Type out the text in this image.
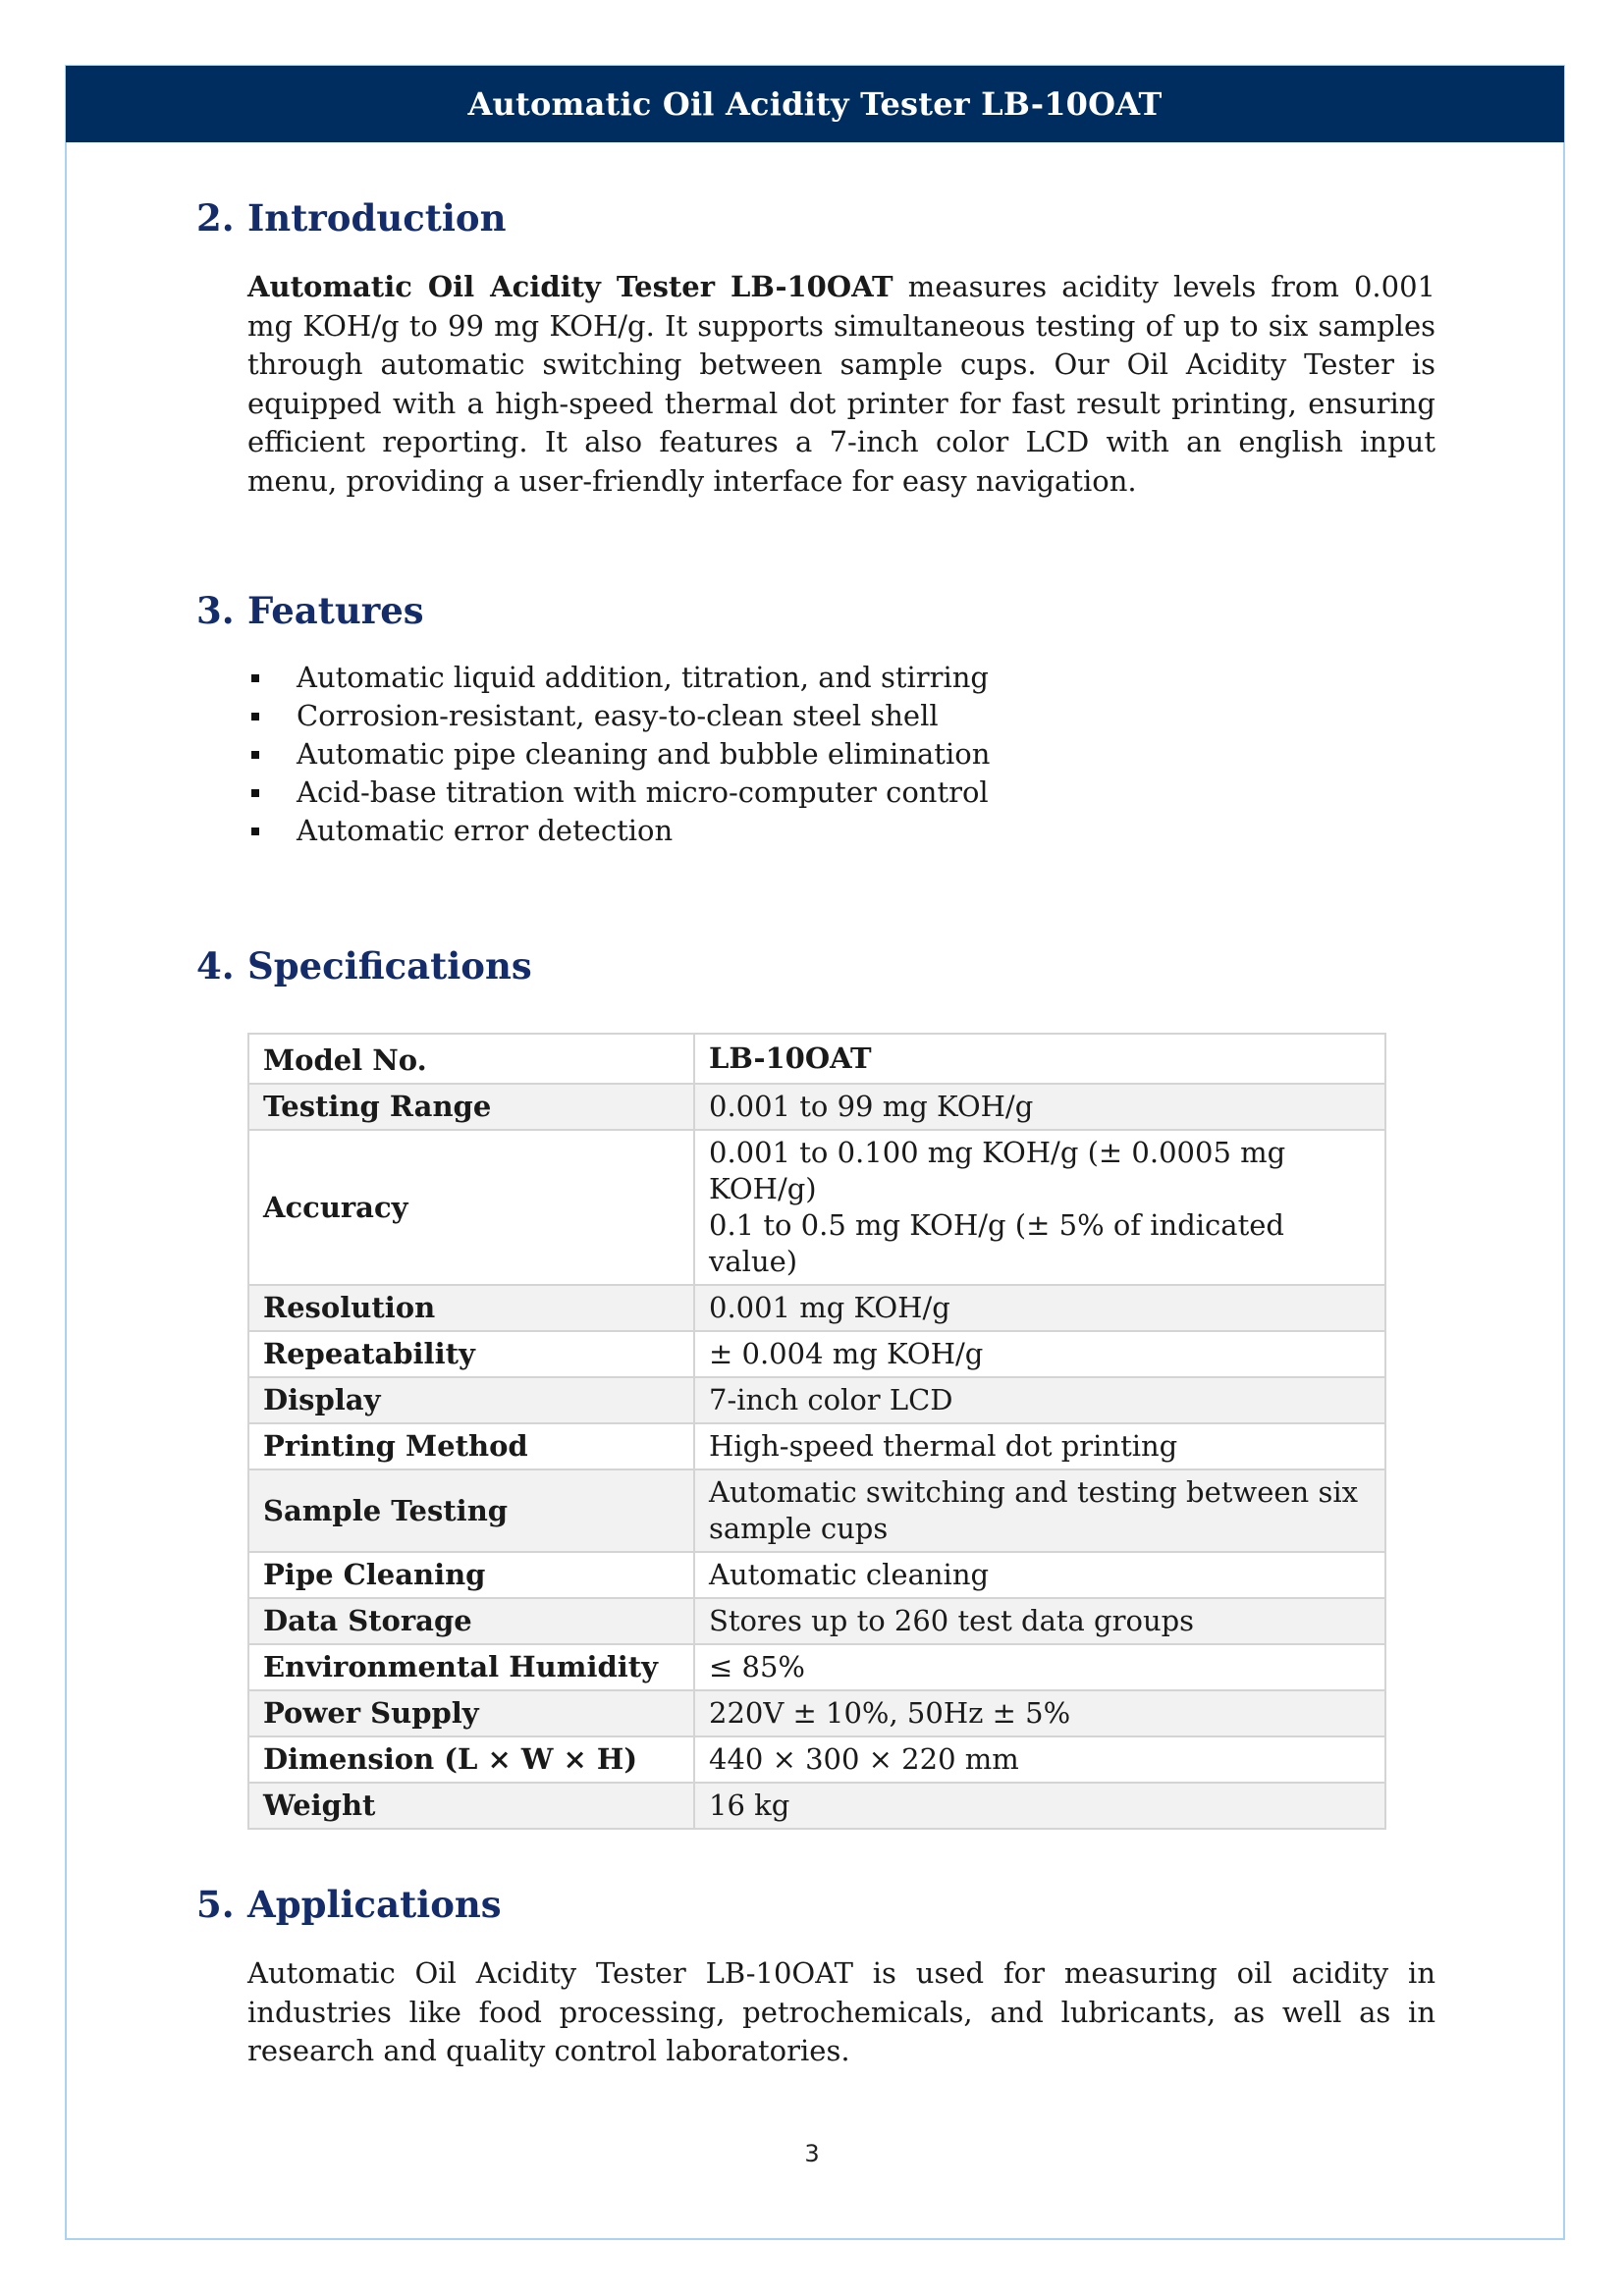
Automatic Oil Acidity Tester LB-10OAT
2. Introduction

Automatic Oil Acidity Tester LB-10OAT measures acidity levels from 0.001 mg KOH/g to 99 mg KOH/g. It supports simultaneous testing of up to six samples through automatic switching between sample cups. Our Oil Acidity Tester is equipped with a high-speed thermal dot printer for fast result printing, ensuring efficient reporting. It also features a 7-inch color LCD with an english input menu, providing a user-friendly interface for easy navigation.

3. Features
Automatic liquid addition, titration, and stirring
Corrosion-resistant, easy-to-clean steel shell
Automatic pipe cleaning and bubble elimination
Acid-base titration with micro-computer control
Automatic error detection
4. Specifications
Model No.	LB-10OAT

Testing Range	0.001 to 99 mg KOH/g

Accuracy	0.001 to 0.100 mg KOH/g (± 0.0005 mg KOH/g)
0.1 to 0.5 mg KOH/g (± 5% of indicated value)

Resolution	0.001 mg KOH/g

Repeatability	± 0.004 mg KOH/g

Display	7-inch color LCD

Printing Method	High-speed thermal dot printing

Sample Testing	Automatic switching and testing between six sample cups

Pipe Cleaning	Automatic cleaning

Data Storage	Stores up to 260 test data groups

Environmental Humidity	≤ 85%

Power Supply	220V ± 10%, 50Hz ± 5%

Dimension (L × W × H)	440 × 300 × 220 mm

Weight	16 kg
5. Applications

Automatic Oil Acidity Tester LB-10OAT is used for measuring oil acidity in industries like food processing, petrochemicals, and lubricants, as well as in research and quality control laboratories.

3
